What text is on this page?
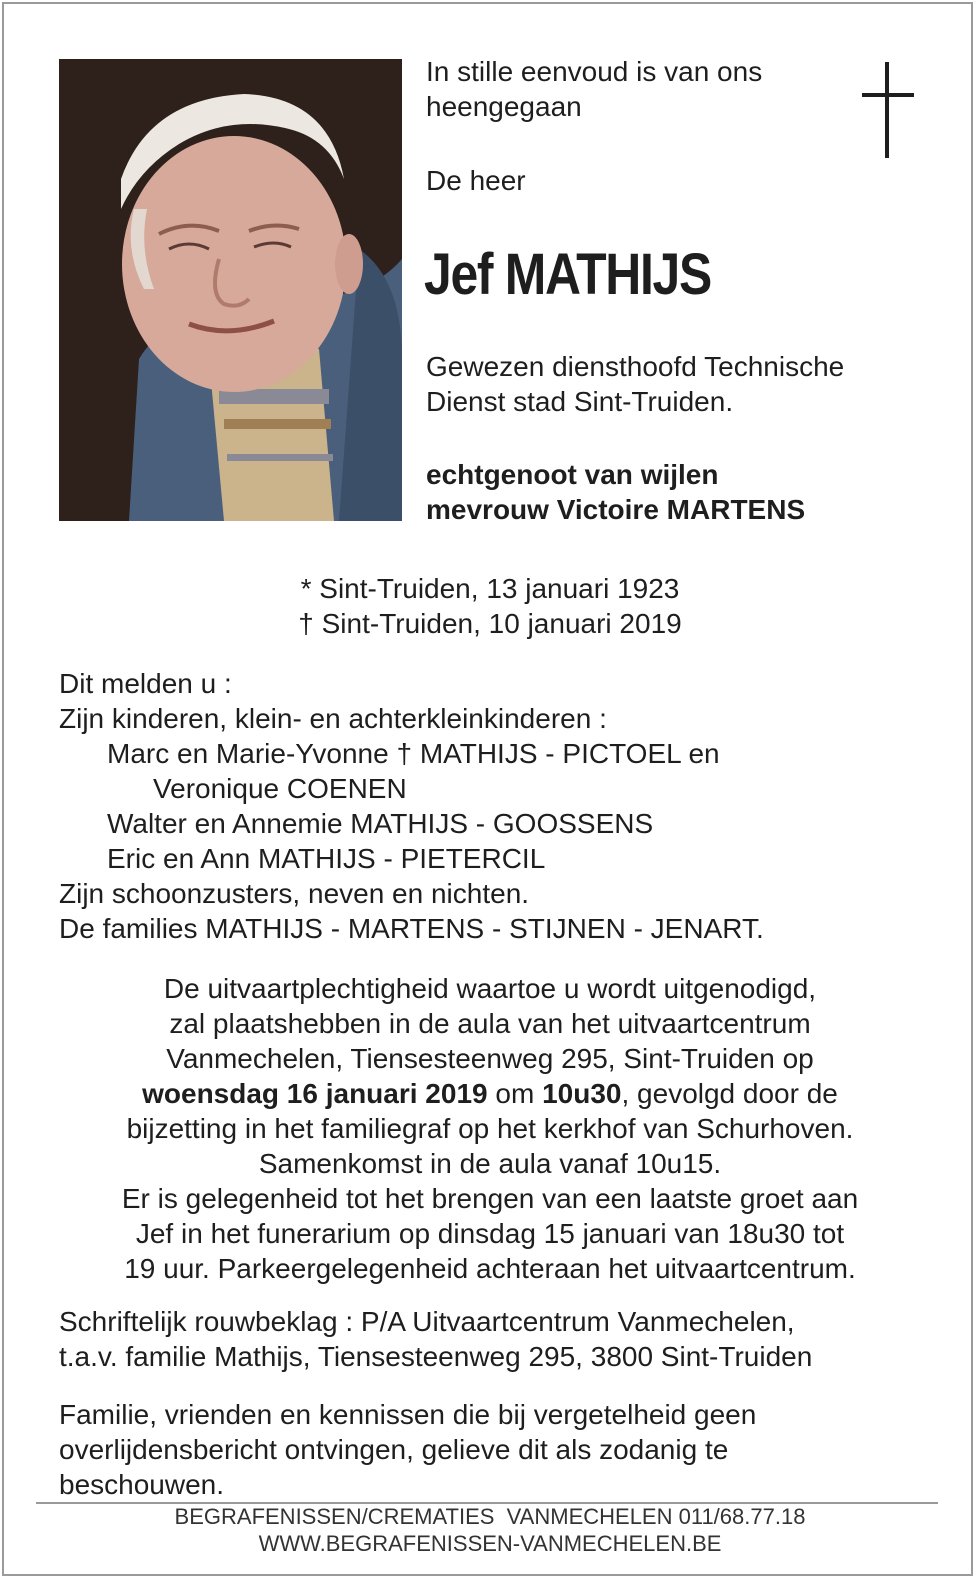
In stille eenvoud is van ons
heengegaan
De heer
Jef MATHIJS
Gewezen diensthoofd Technische
Dienst stad Sint-Truiden.
echtgenoot van wijlen
mevrouw Victoire MARTENS
* Sint-Truiden, 13 januari 1923
† Sint-Truiden, 10 januari 2019
Dit melden u :
Zijn kinderen, klein- en achterkleinkinderen :
Marc en Marie-Yvonne † MATHIJS - PICTOEL en
Veronique COENEN
Walter en Annemie MATHIJS - GOOSSENS
Eric en Ann MATHIJS - PIETERCIL
Zijn schoonzusters, neven en nichten.
De families MATHIJS - MARTENS - STIJNEN - JENART.
De uitvaartplechtigheid waartoe u wordt uitgenodigd,
zal plaatshebben in de aula van het uitvaartcentrum
Vanmechelen, Tiensesteenweg 295, Sint-Truiden op
woensdag 16 januari 2019 om 10u30, gevolgd door de
bijzetting in het familiegraf op het kerkhof van Schurhoven.
Samenkomst in de aula vanaf 10u15.
Er is gelegenheid tot het brengen van een laatste groet aan
Jef in het funerarium op dinsdag 15 januari van 18u30 tot
19 uur. Parkeergelegenheid achteraan het uitvaartcentrum.
Schriftelijk rouwbeklag : P/A Uitvaartcentrum Vanmechelen,
t.a.v. familie Mathijs, Tiensesteenweg 295, 3800 Sint-Truiden
Familie, vrienden en kennissen die bij vergetelheid geen
overlijdensbericht ontvingen, gelieve dit als zodanig te
beschouwen.
BEGRAFENISSEN/CREMATIES  VANMECHELEN 011/68.77.18
WWW.BEGRAFENISSEN-VANMECHELEN.BE
